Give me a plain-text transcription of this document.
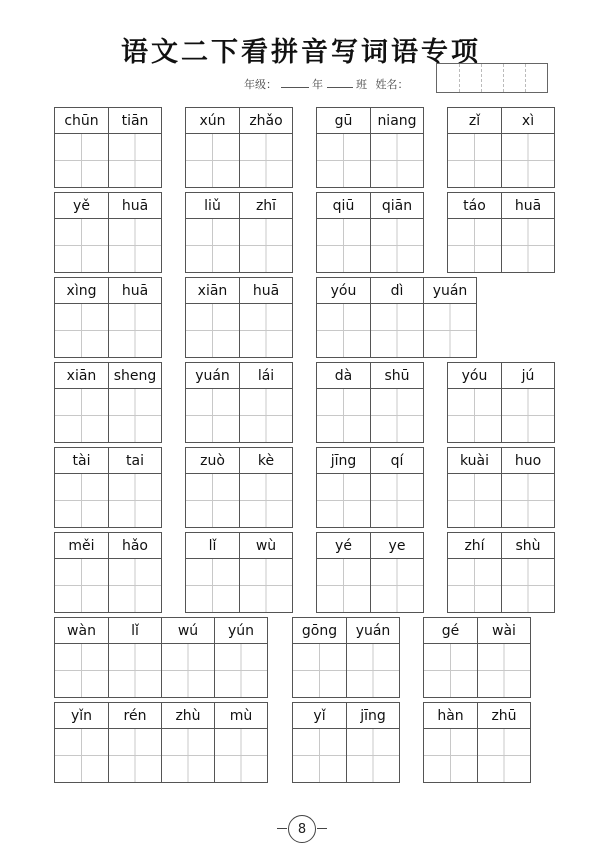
语文二下看拼音写词语专项
年级：	年	班 姓名：
chūn	tiān	xún	zhǎo	gū	niang	zǐ	xì
yě	huā	liǔ	zhī	qiū	qiān	táo	huā
xìng	huā	xiān	huā	yóu	dì	yuán
xiān	sheng	yuán	lái	dà	shū	yóu	jú
tài	tai	zuò	kè	jīng	qí	kuài	huo
měi	hǎo	lǐ	wù	yé	ye	zhí	shù
wàn	lǐ	wú	yún	gōng	yuán	gé	wài
yǐn	rén	zhù	mù	yǐ	jīng	hàn	zhū
8
